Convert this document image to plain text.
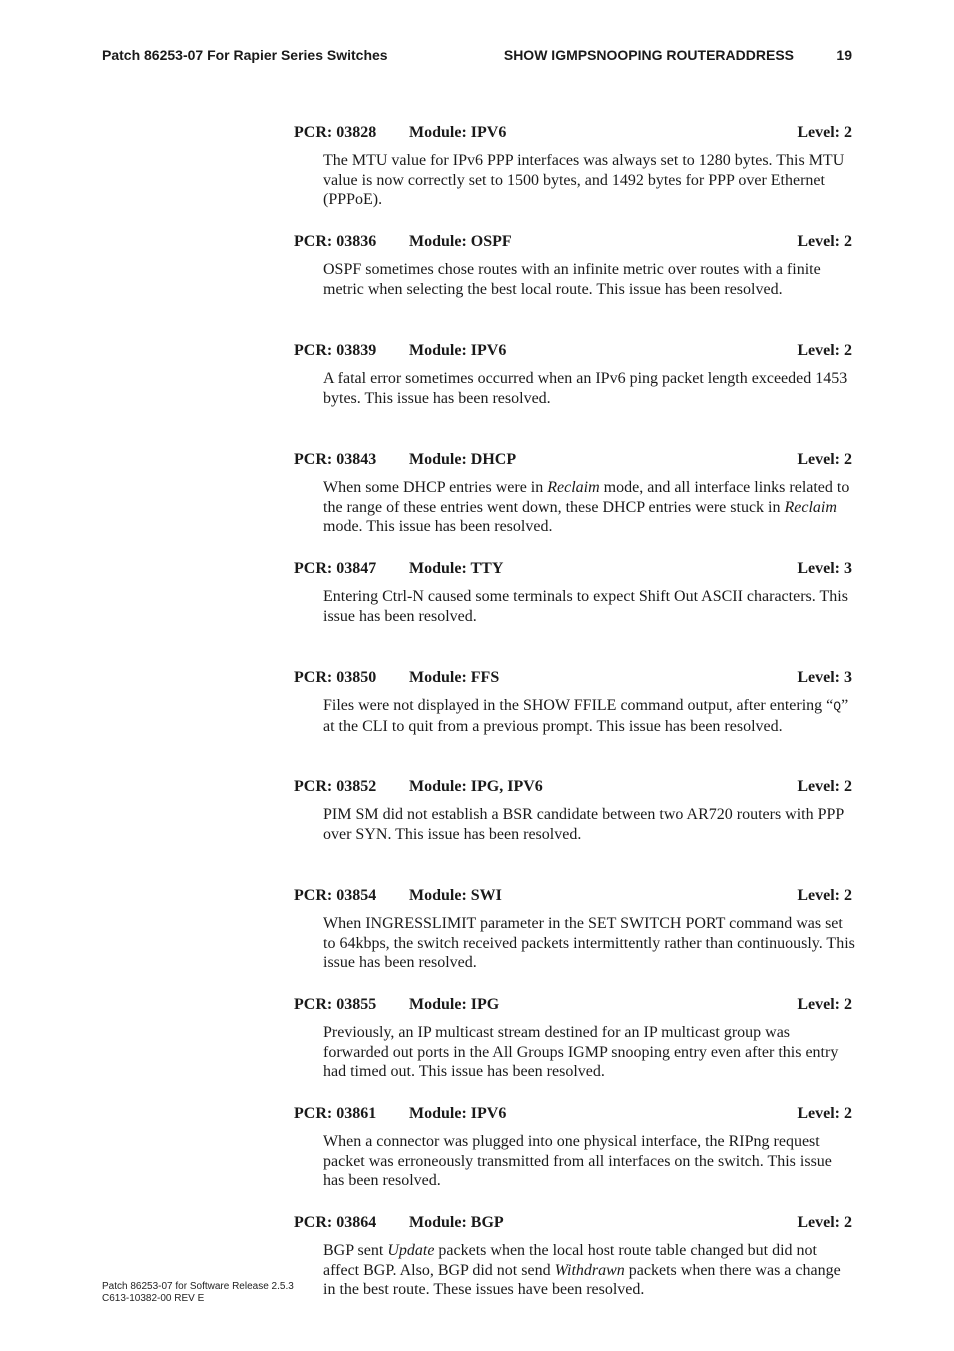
Patch 86253-07 For Rapier Series Switches	SHOW IGMPSNOOPING ROUTERADDRESS	19
PCR: 03828 Module: IPV6	Level: 2
The MTU value for IPv6 PPP interfaces was always set to 1280 bytes. This MTU value is now correctly set to 1500 bytes, and 1492 bytes for PPP over Ethernet (PPPoE).
PCR: 03836 Module: OSPF	Level: 2
OSPF sometimes chose routes with an infinite metric over routes with a finite metric when selecting the best local route. This issue has been resolved.
PCR: 03839 Module: IPV6	Level: 2
A fatal error sometimes occurred when an IPv6 ping packet length exceeded 1453 bytes. This issue has been resolved.
PCR: 03843 Module: DHCP	Level: 2
When some DHCP entries were in Reclaim mode, and all interface links related to the range of these entries went down, these DHCP entries were stuck in Reclaim mode. This issue has been resolved.
PCR: 03847 Module: TTY	Level: 3
Entering Ctrl-N caused some terminals to expect Shift Out ASCII characters. This issue has been resolved.
PCR: 03850 Module: FFS	Level: 3
Files were not displayed in the SHOW FFILE command output, after entering “Q” at the CLI to quit from a previous prompt. This issue has been resolved.
PCR: 03852 Module: IPG, IPV6	Level: 2
PIM SM did not establish a BSR candidate between two AR720 routers with PPP over SYN. This issue has been resolved.
PCR: 03854 Module: SWI	Level: 2
When INGRESSLIMIT parameter in the SET SWITCH PORT command was set to 64kbps, the switch received packets intermittently rather than continuously. This issue has been resolved.
PCR: 03855 Module: IPG	Level: 2
Previously, an IP multicast stream destined for an IP multicast group was forwarded out ports in the All Groups IGMP snooping entry even after this entry had timed out. This issue has been resolved.
PCR: 03861 Module: IPV6	Level: 2
When a connector was plugged into one physical interface, the RIPng request packet was erroneously transmitted from all interfaces on the switch. This issue has been resolved.
PCR: 03864 Module: BGP	Level: 2
BGP sent Update packets when the local host route table changed but did not affect BGP. Also, BGP did not send Withdrawn packets when there was a change in the best route. These issues have been resolved.
Patch 86253-07 for Software Release 2.5.3
C613-10382-00 REV E
